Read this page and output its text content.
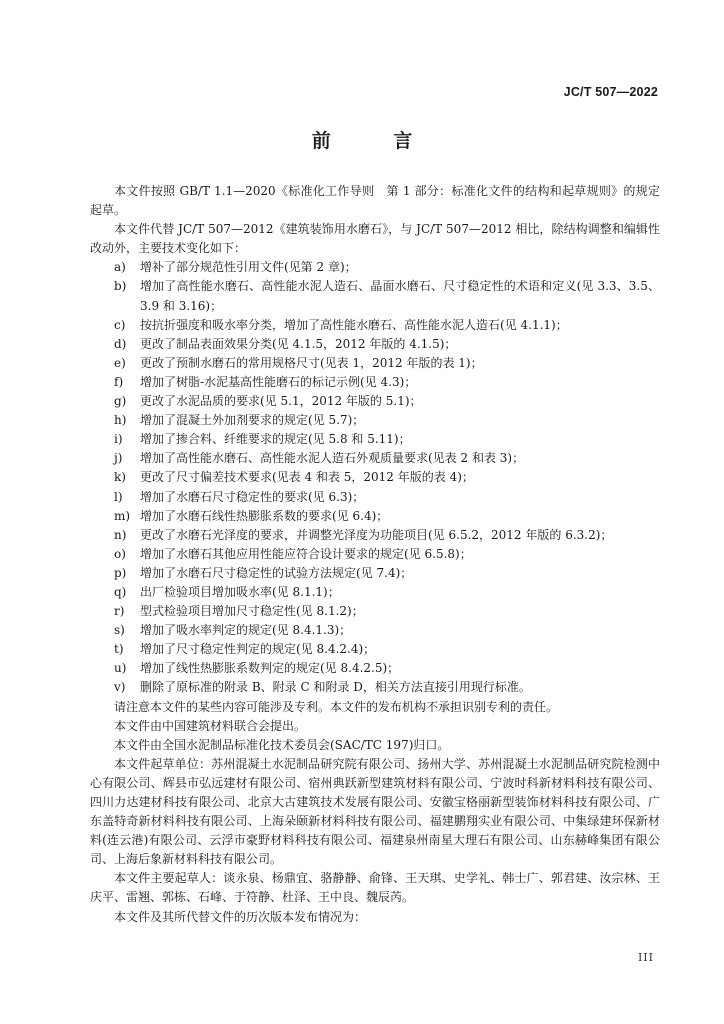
JC/T 507—2022
前 言

本文件按照 GB/T 1.1—2020《标准化工作导则　第 1 部分：标准化文件的结构和起草规则》的规定起草。

本文件代替 JC/T 507—2012《建筑装饰用水磨石》，与 JC/T 507—2012 相比，除结构调整和编辑性改动外，主要技术变化如下：

a)	增补了部分规范性引用文件(见第 2 章)；
b)	增加了高性能水磨石、高性能水泥人造石、晶面水磨石、尺寸稳定性的术语和定义(见 3.3、3.5、3.9 和 3.16)；
c)	按抗折强度和吸水率分类，增加了高性能水磨石、高性能水泥人造石(见 4.1.1)；
d)	更改了制品表面效果分类(见 4.1.5，2012 年版的 4.1.5)；
e)	更改了预制水磨石的常用规格尺寸(见表 1，2012 年版的表 1)；
f)	增加了树脂-水泥基高性能磨石的标记示例(见 4.3)；
g)	更改了水泥品质的要求(见 5.1，2012 年版的 5.1)；
h)	增加了混凝土外加剂要求的规定(见 5.7)；
i)	增加了掺合料、纤维要求的规定(见 5.8 和 5.11)；
j)	增加了高性能水磨石、高性能水泥人造石外观质量要求(见表 2 和表 3)；
k)	更改了尺寸偏差技术要求(见表 4 和表 5，2012 年版的表 4)；
l)	增加了水磨石尺寸稳定性的要求(见 6.3)；
m) 增加了水磨石线性热膨胀系数的要求(见 6.4)；
n)	更改了水磨石光泽度的要求，并调整光泽度为功能项目(见 6.5.2，2012 年版的 6.3.2)；
o)	增加了水磨石其他应用性能应符合设计要求的规定(见 6.5.8)；
p)	增加了水磨石尺寸稳定性的试验方法规定(见 7.4)；
q)	出厂检验项目增加吸水率(见 8.1.1)；
r)	型式检验项目增加尺寸稳定性(见 8.1.2)；
s)	增加了吸水率判定的规定(见 8.4.1.3)；
t)	增加了尺寸稳定性判定的规定(见 8.4.2.4)；
u)	增加了线性热膨胀系数判定的规定(见 8.4.2.5)；
v)	删除了原标准的附录 B、附录 C 和附录 D，相关方法直接引用现行标准。

请注意本文件的某些内容可能涉及专利。本文件的发布机构不承担识别专利的责任。

本文件由中国建筑材料联合会提出。

本文件由全国水泥制品标准化技术委员会(SAC/TC 197)归口。

本文件起草单位：苏州混凝土水泥制品研究院有限公司、扬州大学、苏州混凝土水泥制品研究院检测中心有限公司、辉县市弘远建材有限公司、宿州典跃新型建筑材料有限公司、宁波时科新材料科技有限公司、四川力达建材科技有限公司、北京大古建筑技术发展有限公司、安徽宝格丽新型装饰材料科技有限公司、广东盖特奇新材料科技有限公司、上海朵颐新材料科技有限公司、福建鹏翔实业有限公司、中集绿建环保新材料(连云港)有限公司、云浮市豪野材料科技有限公司、福建泉州南星大理石有限公司、山东赫峰集团有限公司、上海后象新材料科技有限公司。

本文件主要起草人：谈永泉、杨鼎宜、骆静静、俞锋、王天琪、史学礼、韩士广、郭君建、汝宗林、王庆平、雷翘、郭栋、石峰、于符静、杜泽、王中良、魏辰芮。

本文件及其所代替文件的历次版本发布情况为：

III
